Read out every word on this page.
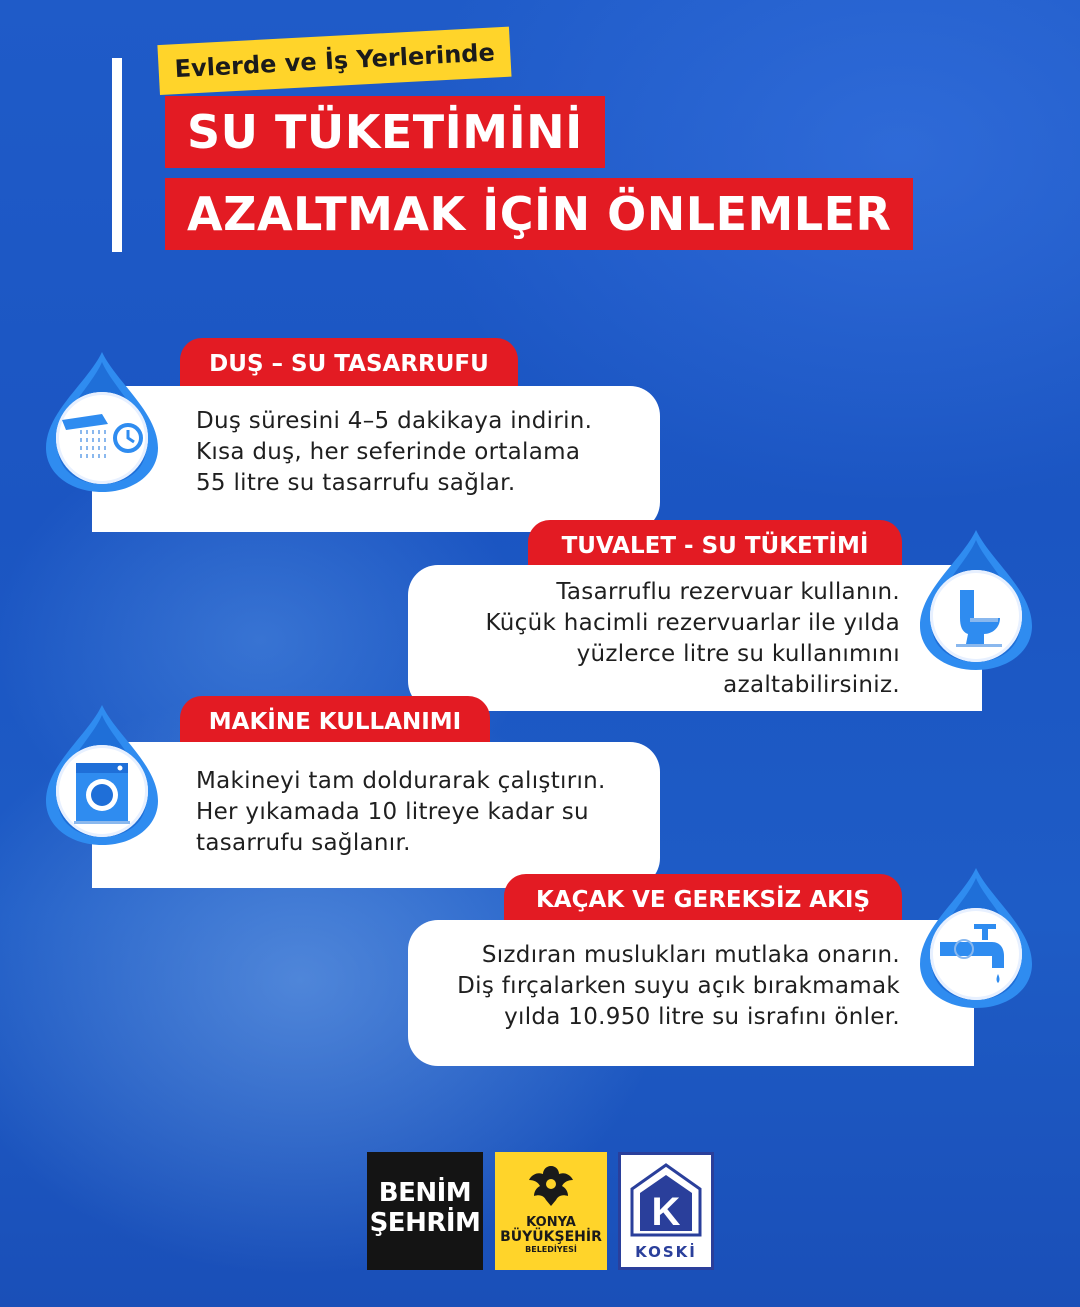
Evlerde ve İş Yerlerinde
SU TÜKETİMİNİ
AZALTMAK İÇİN ÖNLEMLER
DUŞ – SU TASARRUFU

Duş süresini 4–5 dakikaya indirin.

Kısa duş, her seferinde ortalama

55 litre su tasarrufu sağlar.

TUVALET - SU TÜKETİMİ

Tasarruflu rezervuar kullanın.

Küçük hacimli rezervuarlar ile yılda

yüzlerce litre su kullanımını

azaltabilirsiniz.

MAKİNE KULLANIMI

Makineyi tam doldurarak çalıştırın.

Her yıkamada 10 litreye kadar su

tasarrufu sağlanır.

KAÇAK VE GEREKSİZ AKIŞ

Sızdıran muslukları mutlaka onarın.

Diş fırçalarken suyu açık bırakmamak

yılda 10.950 litre su israfını önler.

BENİM
ŞEHRİM	KONYA
BÜYÜKŞEHİR
BELEDİYESİ
K
KOSKİ
